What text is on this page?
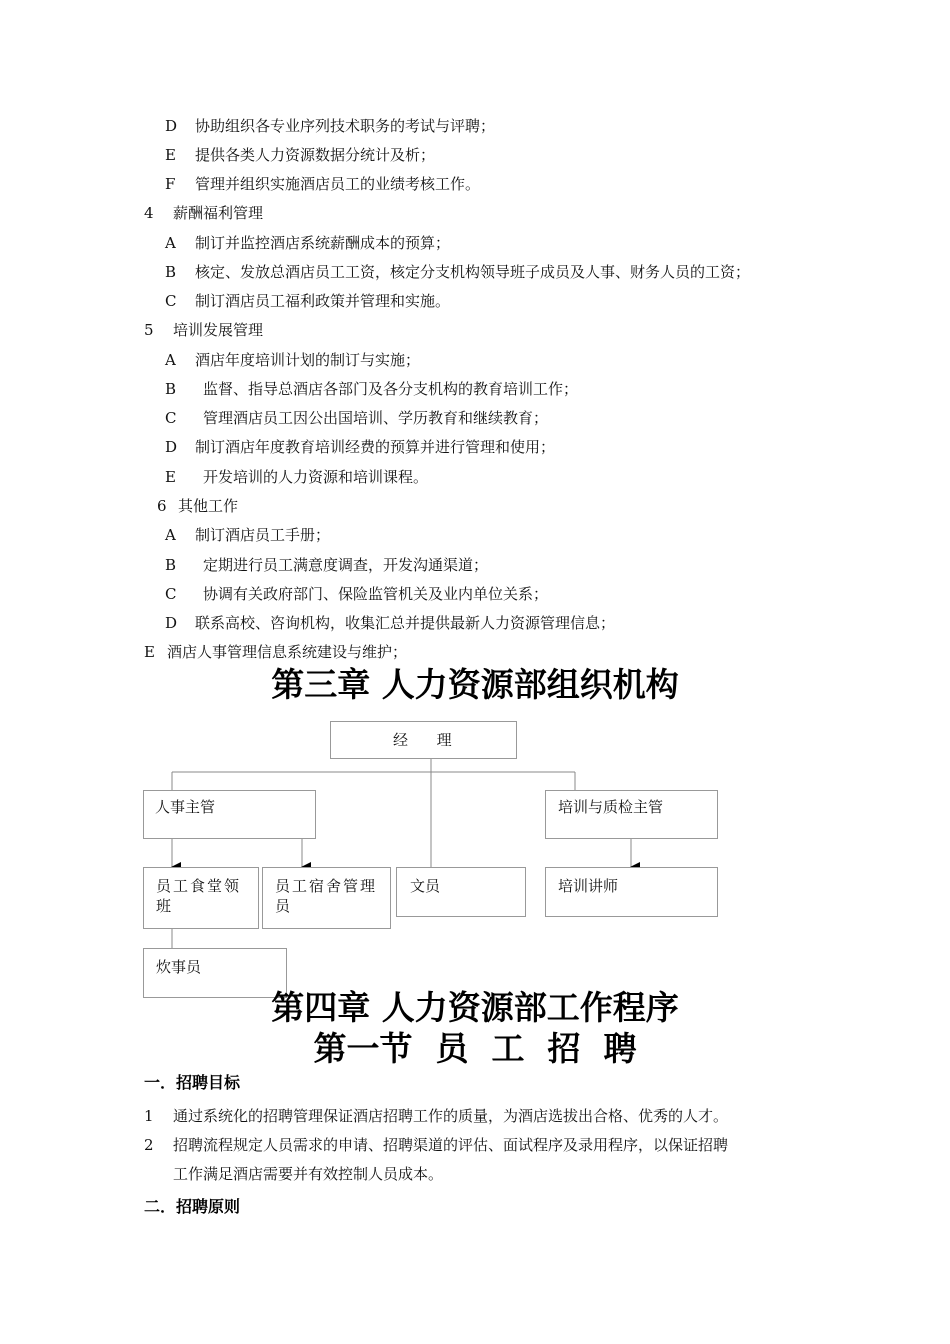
D 协助组织各专业序列技术职务的考试与评聘；
E 提供各类人力资源数据分统计及析；
F 管理并组织实施酒店员工的业绩考核工作。
4 薪酬福利管理
A 制订并监控酒店系统薪酬成本的预算；
B 核定、发放总酒店员工工资，核定分支机构领导班子成员及人事、财务人员的工资；
C 制订酒店员工福利政策并管理和实施。
5 培训发展管理
A 酒店年度培训计划的制订与实施；
B 监督、指导总酒店各部门及各分支机构的教育培训工作；
C 管理酒店员工因公出国培训、学历教育和继续教育；
D 制订酒店年度教育培训经费的预算并进行管理和使用；
E 开发培训的人力资源和培训课程。
6 其他工作
A 制订酒店员工手册；
B 定期进行员工满意度调查，开发沟通渠道；
C 协调有关政府部门、保险监管机关及业内单位关系；
D 联系高校、咨询机构，收集汇总并提供最新人力资源管理信息；
E 酒店人事管理信息系统建设与维护；
第三章 人力资源部组织机构
经      理
人事主管	培训与质检主管
员工食堂领班
员工宿舍管理员
文员	培训讲师
炊事员
第四章 人力资源部工作程序
第一节  员  工  招  聘
一．招聘目标
1 通过系统化的招聘管理保证酒店招聘工作的质量，为酒店选拔出合格、优秀的人才。
2 招聘流程规定人员需求的申请、招聘渠道的评估、面试程序及录用程序，以保证招聘
工作满足酒店需要并有效控制人员成本。
二．招聘原则
